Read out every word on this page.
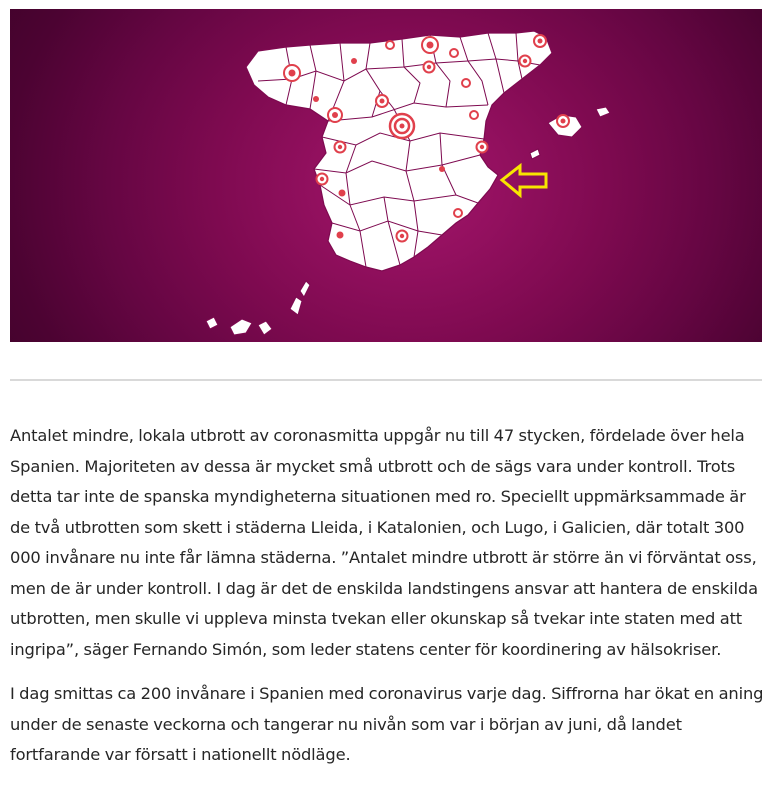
Antalet mindre, lokala utbrott av coronasmitta uppgår nu till 47 stycken, fördelade över hela Spanien. Majoriteten av dessa är mycket små utbrott och de sägs vara under kontroll. Trots detta tar inte de spanska myndigheterna situationen med ro. Speciellt uppmärksammade är de två utbrotten som skett i städerna Lleida, i Katalonien, och Lugo, i Galicien, där totalt 300 000 invånare nu inte får lämna städerna. ”Antalet mindre utbrott är större än vi förväntat oss, men de är under kontroll. I dag är det de enskilda landstingens ansvar att hantera de enskilda utbrotten, men skulle vi uppleva minsta tvekan eller okunskap så tvekar inte staten med att ingripa”, säger Fernando Simón, som leder statens center för koordinering av hälsokriser.

I dag smittas ca 200 invånare i Spanien med coronavirus varje dag. Siffrorna har ökat en aning under de senaste veckorna och tangerar nu nivån som var i början av juni, då landet fortfarande var försatt i nationellt nödläge.
